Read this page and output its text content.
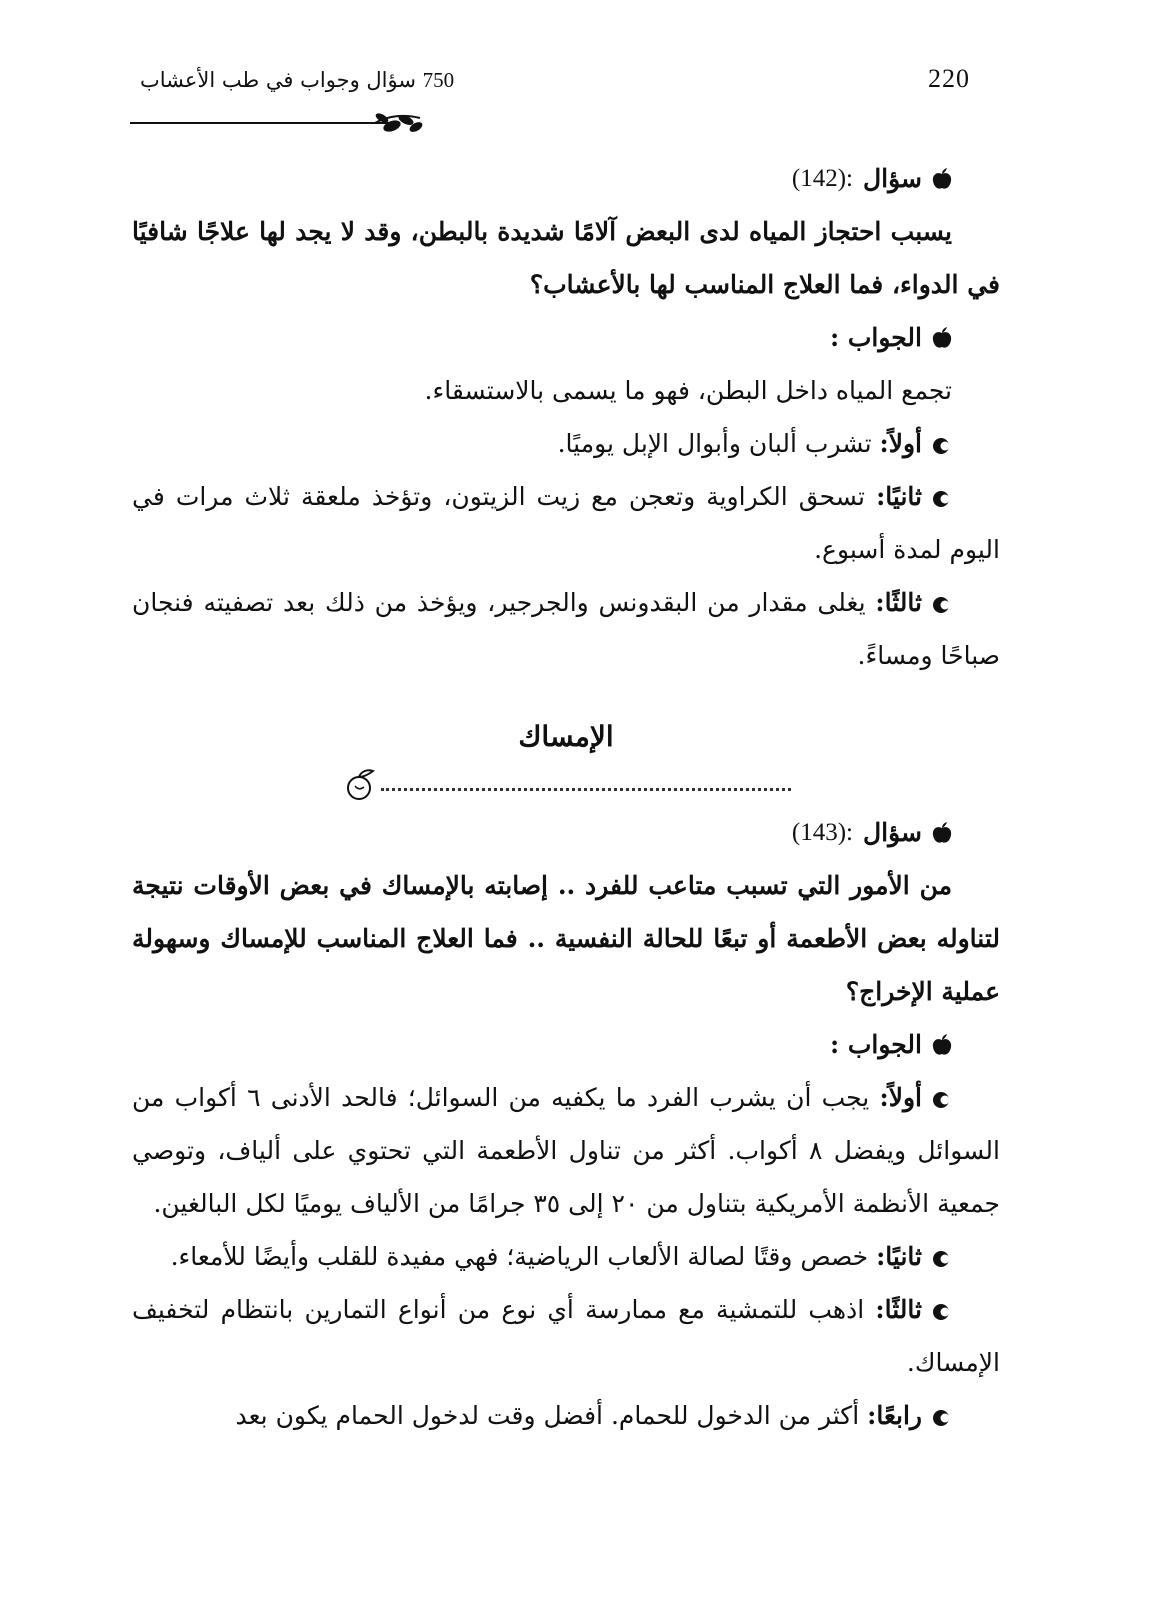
220
750 سؤال وجواب في طب الأعشاب
سؤال
(142):

يسبب احتجاز المياه لدى البعض آلامًا شديدة بالبطن، وقد لا يجد لها علاجًا شافيًا في الدواء، فما العلاج المناسب لها بالأعشاب؟

الجواب :

تجمع المياه داخل البطن، فهو ما يسمى بالاستسقاء.

أولاً: تشرب ألبان وأبوال الإبل يوميًا.

ثانيًا: تسحق الكراوية وتعجن مع زيت الزيتون، وتؤخذ ملعقة ثلاث مرات في اليوم لمدة أسبوع.

ثالثًا: يغلى مقدار من البقدونس والجرجير، ويؤخذ من ذلك بعد تصفيته فنجان صباحًا ومساءً.

الإمساك
سؤال
(143):

من الأمور التي تسبب متاعب للفرد .. إصابته بالإمساك في بعض الأوقات نتيجة لتناوله بعض الأطعمة أو تبعًا للحالة النفسية .. فما العلاج المناسب للإمساك وسهولة عملية الإخراج؟

الجواب :

أولاً: يجب أن يشرب الفرد ما يكفيه من السوائل؛ فالحد الأدنى ٦ أكواب من السوائل ويفضل ٨ أكواب. أكثر من تناول الأطعمة التي تحتوي على ألياف، وتوصي جمعية الأنظمة الأمريكية بتناول من ٢٠ إلى ٣٥ جرامًا من الألياف يوميًا لكل البالغين.

ثانيًا: خصص وقتًا لصالة الألعاب الرياضية؛ فهي مفيدة للقلب وأيضًا للأمعاء.

ثالثًا: اذهب للتمشية مع ممارسة أي نوع من أنواع التمارين بانتظام لتخفيف الإمساك.

رابعًا: أكثر من الدخول للحمام. أفضل وقت لدخول الحمام يكون بعد
